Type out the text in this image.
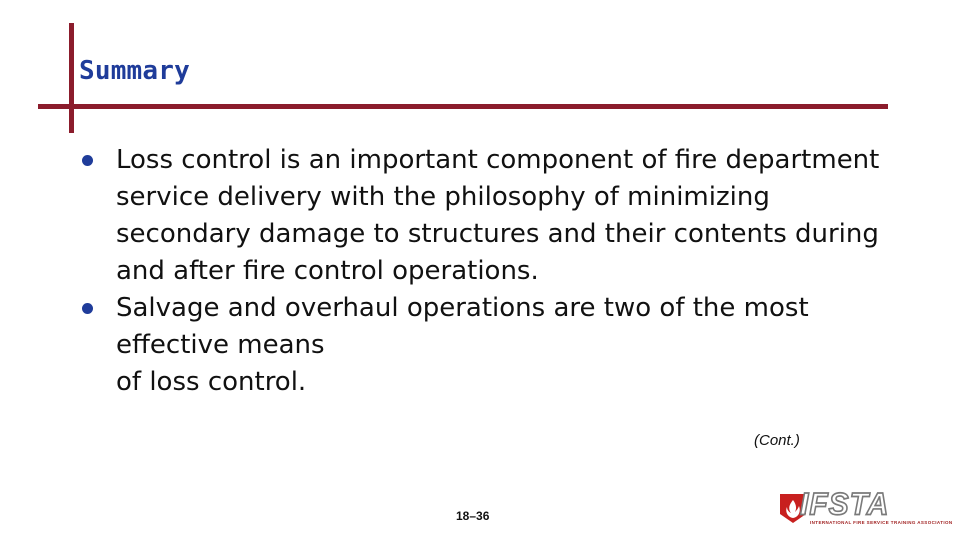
Summary
Loss control is an important component of fire department service delivery with the philosophy of minimizing secondary damage to structures and their contents during and after fire control operations.
Salvage and overhaul operations are two of the most effective means
of loss control.
(Cont.)
18–36	IFSTA
INTERNATIONAL FIRE SERVICE TRAINING ASSOCIATION
